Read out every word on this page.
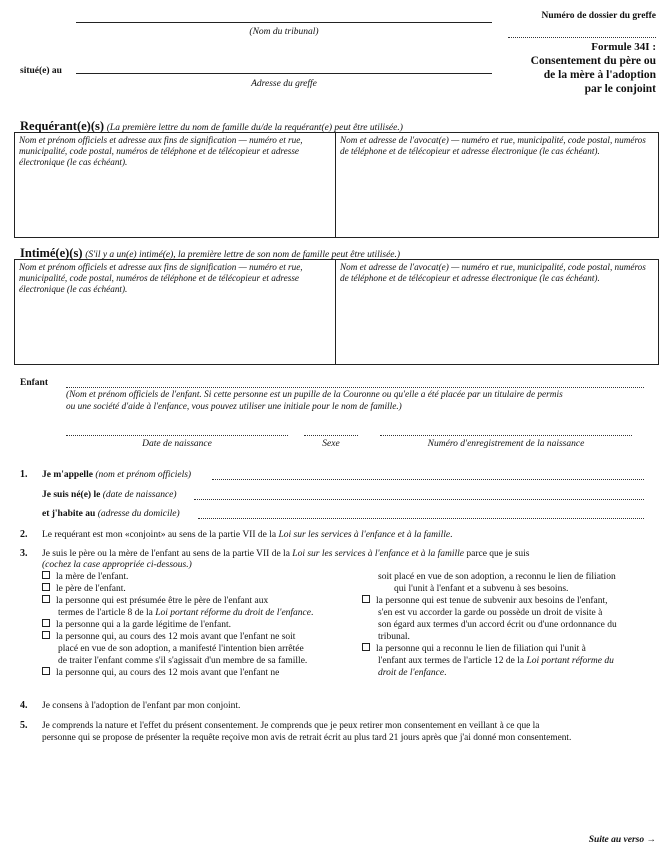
(Nom du tribunal)
situé(e) au
Adresse du greffe
Numéro de dossier du greffe
Formule 34I :
Consentement du père ou
de la mère à l'adoption
par le conjoint
Requérant(e)(s) (La première lettre du nom de famille du/de la requérant(e) peut être utilisée.)
Nom et prénom officiels et adresse aux fins de signification — numéro et rue, municipalité, code postal, numéros de téléphone et de télécopieur et adresse électronique (le cas échéant).
Nom et adresse de l'avocat(e) — numéro et rue, municipalité, code postal, numéros de téléphone et de télécopieur et adresse électronique (le cas échéant).
Intimé(e)(s) (S'il y a un(e) intimé(e), la première lettre de son nom de famille peut être utilisée.)
Nom et prénom officiels et adresse aux fins de signification — numéro et rue, municipalité, code postal, numéros de téléphone et de télécopieur et adresse électronique (le cas échéant).
Nom et adresse de l'avocat(e) — numéro et rue, municipalité, code postal, numéros de téléphone et de télécopieur et adresse électronique (le cas échéant).
Enfant
(Nom et prénom officiels de l'enfant. Si cette personne est un pupille de la Couronne ou qu'elle a été placée par un titulaire de permis
ou une société d'aide à l'enfance, vous pouvez utiliser une initiale pour le nom de famille.)
Date de naissance	Sexe	Numéro d'enregistrement de la naissance
1. Je m'appelle (nom et prénom officiels)
Je suis né(e) le (date de naissance)
et j'habite au (adresse du domicile)
2. Le requérant est mon «conjoint» au sens de la partie VII de la Loi sur les services à l'enfance et à la famille.
3. Je suis le père ou la mère de l'enfant au sens de la partie VII de la Loi sur les services à l'enfance et à la famille parce que je suis
(cochez la case appropriée ci-dessous.)
la mère de l'enfant.
le père de l'enfant.
la personne qui est présumée être le père de l'enfant aux
termes de l'article 8 de la Loi portant réforme du droit de l'enfance.
la personne qui a la garde légitime de l'enfant.
la personne qui, au cours des 12 mois avant que l'enfant ne soit
placé en vue de son adoption, a manifesté l'intention bien arrêtée
de traiter l'enfant comme s'il s'agissait d'un membre de sa famille.
la personne qui, au cours des 12 mois avant que l'enfant ne
soit placé en vue de son adoption, a reconnu le lien de filiation
qui l'unit à l'enfant et a subvenu à ses besoins.
la personne qui est tenue de subvenir aux besoins de l'enfant,
s'en est vu accorder la garde ou possède un droit de visite à
son égard aux termes d'un accord écrit ou d'une ordonnance du
tribunal.
la personne qui a reconnu le lien de filiation qui l'unit à
l'enfant aux termes de l'article 12 de la Loi portant réforme du
droit de l'enfance.
4. Je consens à l'adoption de l'enfant par mon conjoint.
5. Je comprends la nature et l'effet du présent consentement. Je comprends que je peux retirer mon consentement en veillant à ce que la
personne qui se propose de présenter la requête reçoive mon avis de retrait écrit au plus tard 21 jours après que j'ai donné mon consentement.
Suite au verso →
